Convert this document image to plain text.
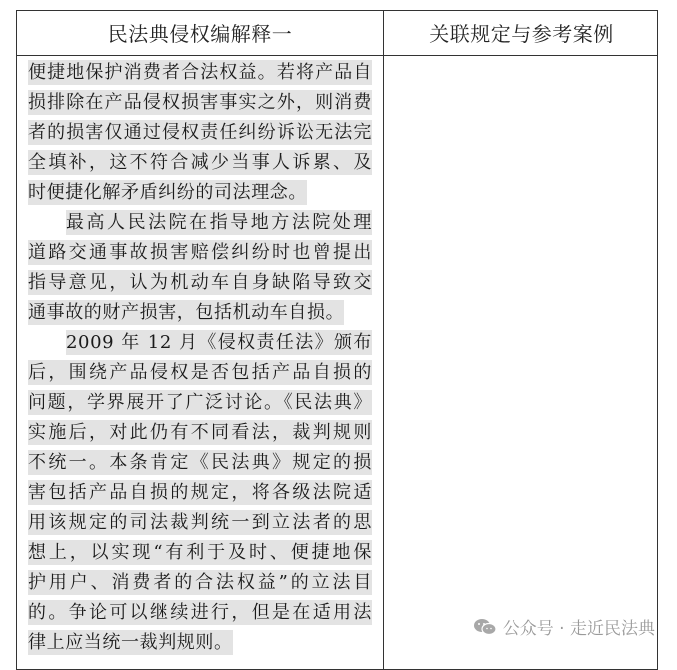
民法典侵权编解释一	关联规定与参考案例
便捷地保护消费者合法权益。若将产品自
损排除在产品侵权损害事实之外，则消费
者的损害仅通过侵权责任纠纷诉讼无法完
全填补，这不符合减少当事人诉累、及
时便捷化解矛盾纠纷的司法理念。
最高人民法院在指导地方法院处理
道路交通事故损害赔偿纠纷时也曾提出
指导意见，认为机动车自身缺陷导致交
通事故的财产损害，包括机动车自损。
2009 年 12 月《侵权责任法》颁布
后，围绕产品侵权是否包括产品自损的
问题，学界展开了广泛讨论。《民法典》
实施后，对此仍有不同看法，裁判规则
不统一。本条肯定《民法典》规定的损
害包括产品自损的规定，将各级法院适
用该规定的司法裁判统一到立法者的思
想上，以实现“有利于及时、便捷地保
护用户、消费者的合法权益”的立法目
的。争论可以继续进行，但是在适用法
律上应当统一裁判规则。
公众号 · 走近民法典
